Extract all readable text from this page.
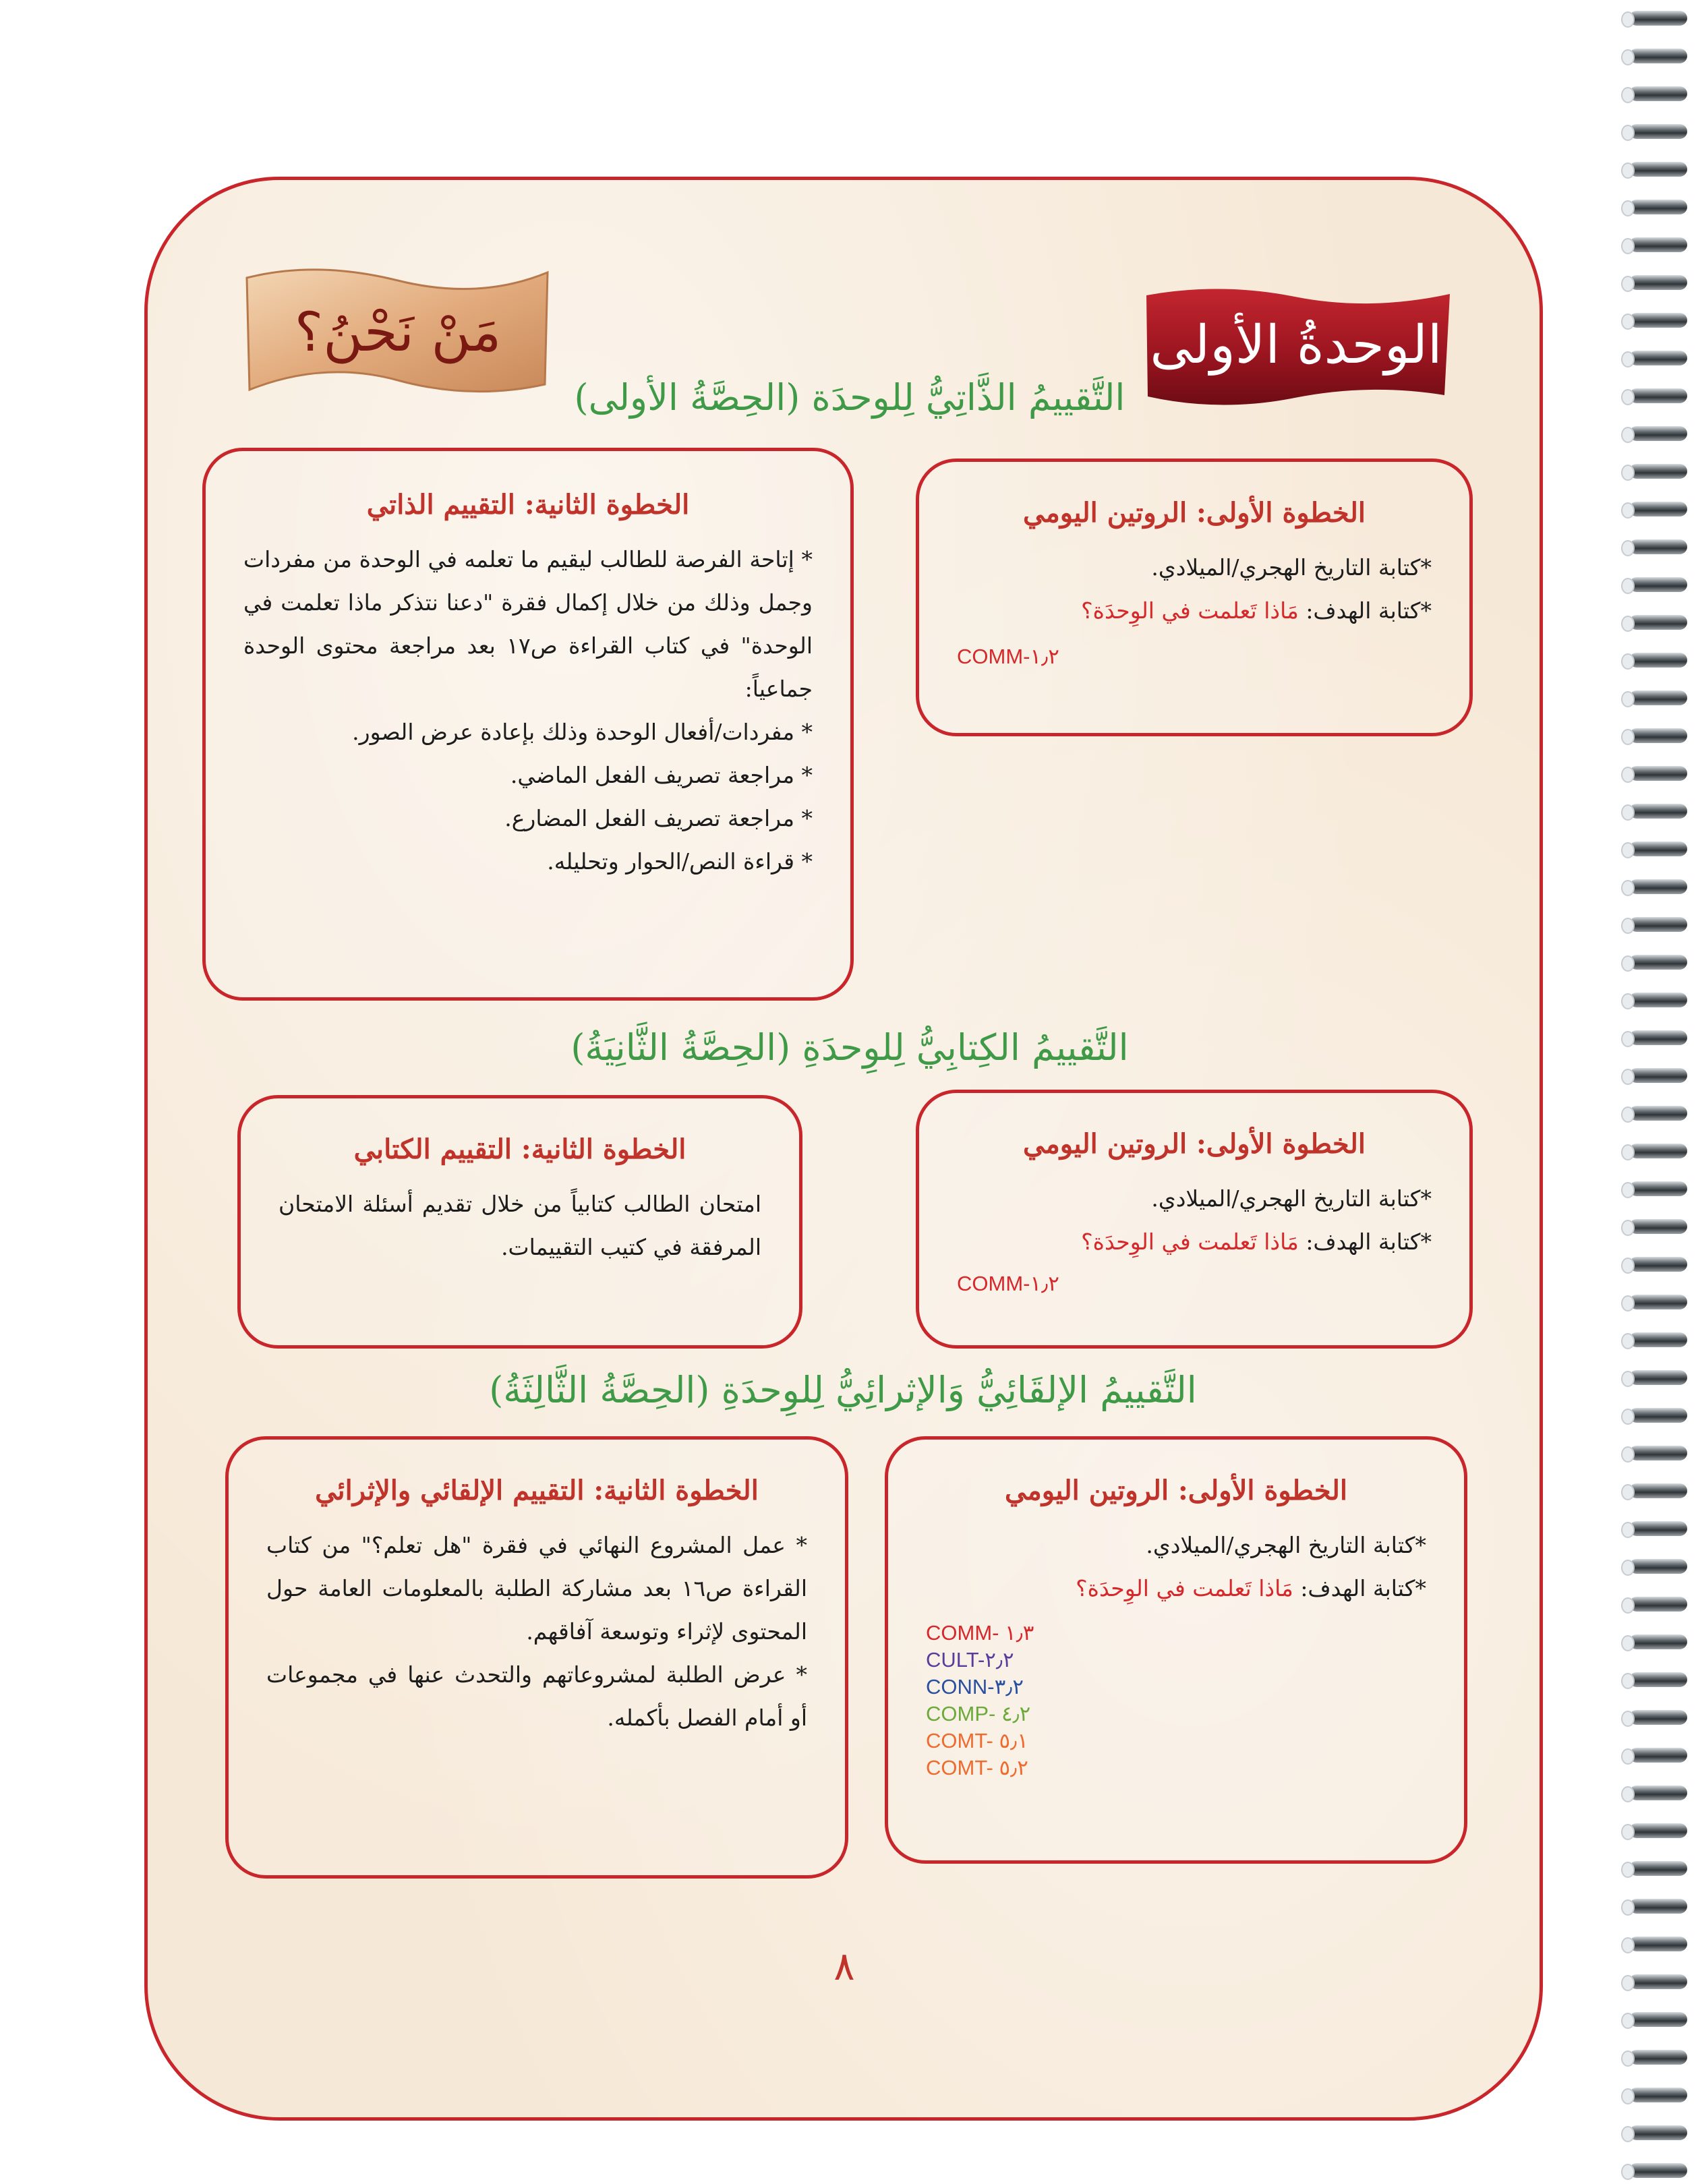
الوحدةُ الأولى
مَنْ نَحْنُ؟
التَّقييمُ الذَّاتِيُّ لِلوحدَة (الحِصَّةُ الأولى)

الخطوة الأولى: الروتين اليومي

*كتابة التاريخ الهجري/الميلادي.

*كتابة الهدف: مَاذا تَعلمت في الوِحدَة؟

COMM-١٫٢

الخطوة الثانية: التقييم الذاتي

* إتاحة الفرصة للطالب ليقيم ما تعلمه في الوحدة من مفردات وجمل وذلك من خلال إكمال فقرة "دعنا نتذكر ماذا تعلمت في الوحدة" في كتاب القراءة ص١٧ بعد مراجعة محتوى الوحدة جماعياً:

* مفردات/أفعال الوحدة وذلك بإعادة عرض الصور.

* مراجعة تصريف الفعل الماضي.

* مراجعة تصريف الفعل المضارع.

* قراءة النص/الحوار وتحليله.

التَّقييمُ الكِتابِيُّ لِلوِحدَةِ (الحِصَّةُ الثَّانِيَةُ)

الخطوة الأولى: الروتين اليومي

*كتابة التاريخ الهجري/الميلادي.

*كتابة الهدف: مَاذا تَعلمت في الوِحدَة؟

COMM-١٫٢

الخطوة الثانية: التقييم الكتابي

امتحان الطالب كتابياً من خلال تقديم أسئلة الامتحان المرفقة في كتيب التقييمات.

التَّقييمُ الإلقَائِيُّ وَالإثرائِيُّ لِلوِحدَةِ (الحِصَّةُ الثَّالِثَةُ)

الخطوة الأولى: الروتين اليومي

*كتابة التاريخ الهجري/الميلادي.

*كتابة الهدف: مَاذا تَعلمت في الوِحدَة؟

COMM- ١٫٣

CULT-٢٫٢

CONN-٣٫٢

COMP- ٤٫٢

COMT- ٥٫١

COMT- ٥٫٢

الخطوة الثانية: التقييم الإلقائي والإثرائي

* عمل المشروع النهائي في فقرة "هل تعلم؟" من كتاب القراءة ص١٦ بعد مشاركة الطلبة بالمعلومات العامة حول المحتوى لإثراء وتوسعة آفاقهم.

* عرض الطلبة لمشروعاتهم والتحدث عنها في مجموعات أو أمام الفصل بأكمله.

٨
